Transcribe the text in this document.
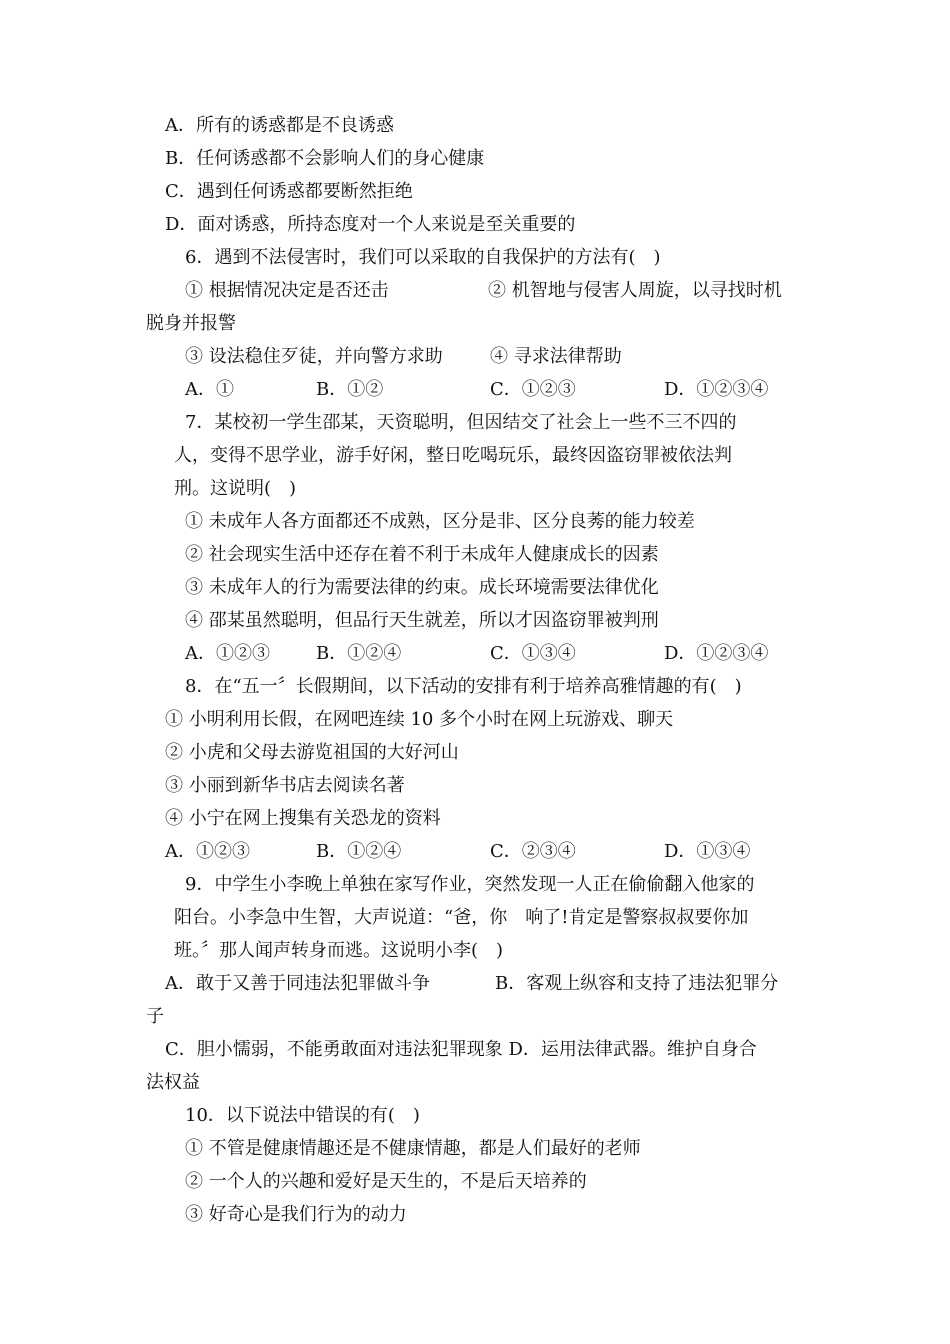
A．所有的诱惑都是不良诱惑
B．任何诱惑都不会影响人们的身心健康
C．遇到任何诱惑都要断然拒绝
D．面对诱惑，所持态度对一个人来说是至关重要的
6．遇到不法侵害时，我们可以采取的自我保护的方法有(　)
① 根据情况决定是否还击	② 机智地与侵害人周旋，以寻找时机
脱身并报警
③ 设法稳住歹徒，并向警方求助	④ 寻求法律帮助
A．①	B．①②	C．①②③	D．①②③④
7．某校初一学生邵某，天资聪明，但因结交了社会上一些不三不四的
人，变得不思学业，游手好闲，整日吃喝玩乐，最终因盗窃罪被依法判
刑。这说明(　)
① 未成年人各方面都还不成熟，区分是非、区分良莠的能力较差
② 社会现实生活中还存在着不利于未成年人健康成长的因素
③ 未成年人的行为需要法律的约束。成长环境需要法律优化
④ 邵某虽然聪明，但品行天生就差，所以才因盗窃罪被判刑
A．①②③	B．①②④	C．①③④	D．①②③④
8．在“五一〞长假期间，以下活动的安排有利于培养高雅情趣的有(　)
① 小明利用长假，在网吧连续 10 多个小时在网上玩游戏、聊天
② 小虎和父母去游览祖国的大好河山
③ 小丽到新华书店去阅读名著
④ 小宁在网上搜集有关恐龙的资料
A．①②③	B．①②④	C．②③④	D．①③④
9．中学生小李晚上单独在家写作业，突然发现一人正在偷偷翻入他家的
阳台。小李急中生智，大声说道：“爸，你　响了!肯定是警察叔叔要你加
班。〞那人闻声转身而逃。这说明小李(　)
A．敢于又善于同违法犯罪做斗争	B．客观上纵容和支持了违法犯罪分
子
C．胆小懦弱，不能勇敢面对违法犯罪现象 D．运用法律武器。维护自身合
法权益
10．以下说法中错误的有(　)
① 不管是健康情趣还是不健康情趣，都是人们最好的老师
② 一个人的兴趣和爱好是天生的，不是后天培养的
③ 好奇心是我们行为的动力
